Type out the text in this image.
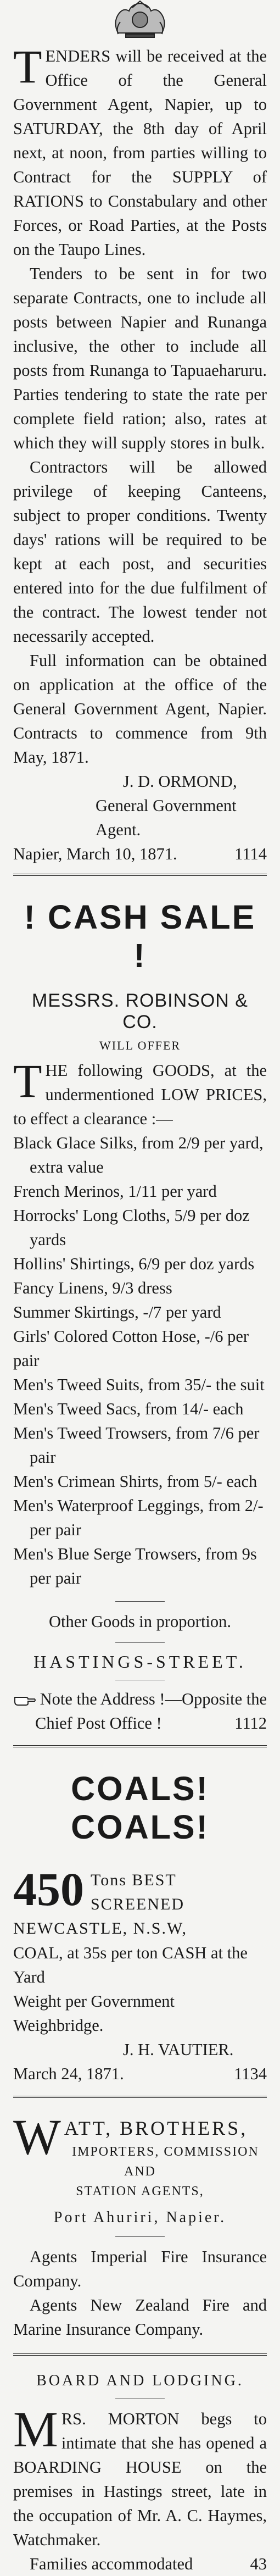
T ENDERS will be received at the Office of the General Government Agent, Napier, up to SATURDAY, the 8th day of April next, at noon, from parties willing to Contract for the SUPPLY of RATIONS to Constabulary and other Forces, or Road Parties, at the Posts on the Taupo Lines.

Tenders to be sent in for two separate Contracts, one to include all posts between Napier and Runanga inclusive, the other to include all posts from Runanga to Tapuaeharuru. Parties tendering to state the rate per complete field ration; also, rates at which they will supply stores in bulk.

Contractors will be allowed privilege of keeping Canteens, subject to proper conditions. Twenty days' rations will be required to be kept at each post, and securities entered into for the due fulfilment of the contract. The lowest tender not necessarily accepted.

Full information can be obtained on application at the office of the General Government Agent, Napier. Contracts to commence from 9th May, 1871.

J. D. ORMOND,

General Government Agent.

Napier, March 10, 1871.	1114

! CASH SALE !

MESSRS. ROBINSON & CO.

WILL OFFER

T HE following GOODS, at the undermentioned LOW PRICES, to effect a clearance :—

Black Glace Silks, from 2/9 per yard,

extra value

French Merinos, 1/11 per yard

Horrocks' Long Cloths, 5/9 per doz

yards

Hollins' Shirtings, 6/9 per doz yards

Fancy Linens, 9/3 dress

Summer Skirtings, -/7 per yard

Girls' Colored Cotton Hose, -/6 per pair

Men's Tweed Suits, from 35/- the suit

Men's Tweed Sacs, from 14/- each

Men's Tweed Trowsers, from 7/6 per

pair

Men's Crimean Shirts, from 5/- each

Men's Waterproof Leggings, from 2/-

per pair

Men's Blue Serge Trowsers, from 9s

per pair

Other Goods in proportion.

HASTINGS-STREET.

Note the Address !—Opposite the

Chief Post Office !	1112

COALS! COALS!

450 Tons BEST SCREENED

NEWCASTLE, N.S.W,

COAL, at 35s per ton CASH at the Yard

Weight per Government Weighbridge.

J. H. VAUTIER.

March 24, 1871.	1134
W ATT, BROTHERS,

IMPORTERS, COMMISSION AND

STATION AGENTS,

Port Ahuriri, Napier.

Agents Imperial Fire Insurance Company.

Agents New Zealand Fire and Marine Insurance Company.

BOARD AND LODGING.

M RS. MORTON begs to intimate that she has opened a BOARDING HOUSE on the premises in Hastings street, late in the occupation of Mr. A. C. Haymes, Watchmaker.

Families accommodated	43
